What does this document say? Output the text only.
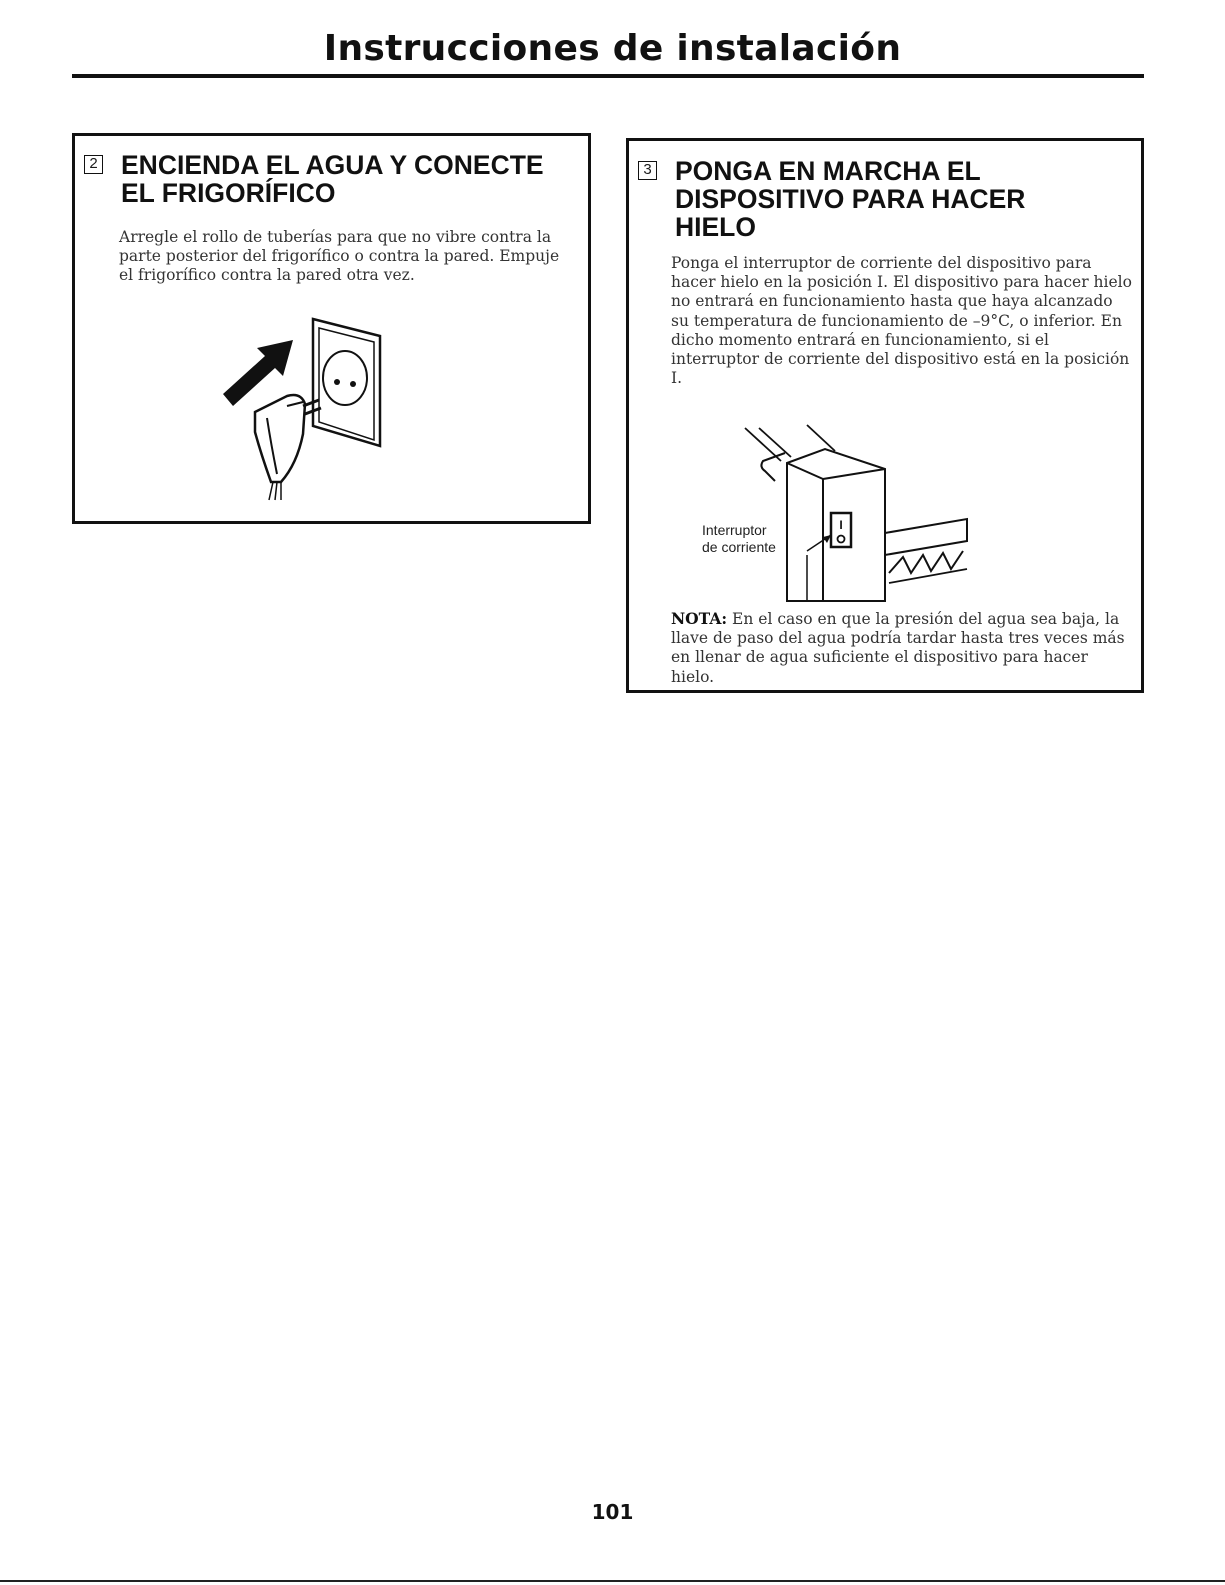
Instrucciones de instalación
2 ENCIENDA EL AGUA Y CONECTE
EL FRIGORÍFICO

Arregle el rollo de tuberías para que no vibre contra la parte posterior del frigorífico o contra la pared. Empuje el frigorífico contra la pared otra vez.

3 PONGA EN MARCHA EL
DISPOSITIVO PARA HACER
HIELO

Ponga el interruptor de corriente del dispositivo para hacer hielo en la posición I. El dispositivo para hacer hielo no entrará en funcionamiento hasta que haya alcanzado su temperatura de funcionamiento de –9°C, o inferior. En dicho momento entrará en funcionamiento, si el interruptor de corriente del dispositivo está en la posición I.

I
Interruptor
de corriente

NOTA: En el caso en que la presión del agua sea baja, la llave de paso del agua podría tardar hasta tres veces más en llenar de agua suficiente el dispositivo para hacer hielo.

101
